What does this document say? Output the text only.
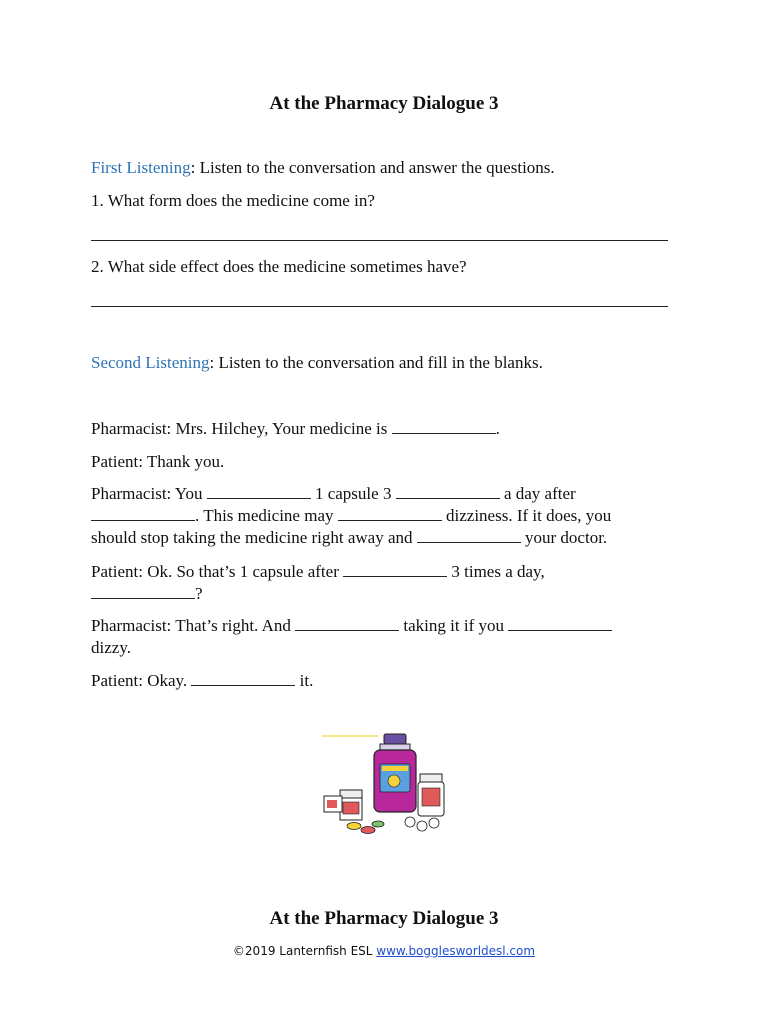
At the Pharmacy Dialogue 3
First Listening: Listen to the conversation and answer the questions.
1. What form does the medicine come in?
2. What side effect does the medicine sometimes have?
Second Listening: Listen to the conversation and fill in the blanks.
Pharmacist: Mrs. Hilchey, Your medicine is	.
Patient: Thank you.
Pharmacist: You	1 capsule 3	a day after
. This medicine may	dizziness. If it does, you
should stop taking the medicine right away and	your doctor.
Patient: Ok. So that’s 1 capsule after	3 times a day,
?
Pharmacist: That’s right. And	taking it if you
dizzy.
Patient: Okay.	it.
At the Pharmacy Dialogue 3
©2019 Lanternfish ESL www.bogglesworldesl.com
